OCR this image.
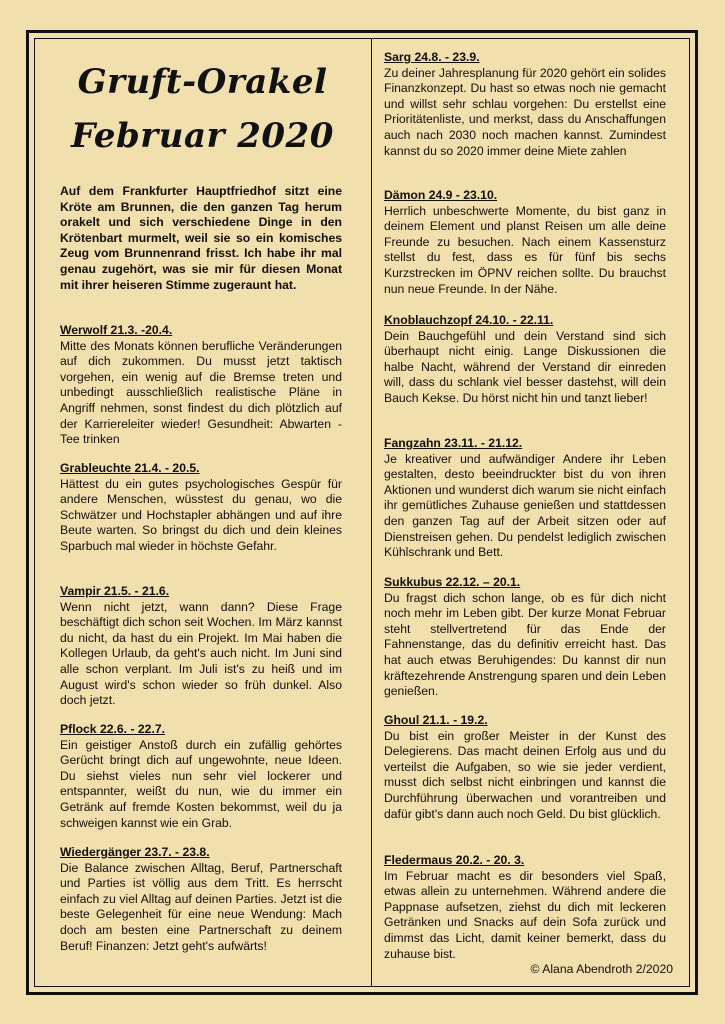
Gruft-Orakel
Februar 2020
Auf dem Frankfurter Hauptfriedhof sitzt eine Kröte am Brunnen, die den ganzen Tag herum orakelt und sich verschiedene Dinge in den Krötenbart murmelt, weil sie so ein komisches Zeug vom Brunnenrand frisst. Ich habe ihr mal genau zugehört, was sie mir für diesen Monat mit ihrer heiseren Stimme zugeraunt hat.

Werwolf 21.3. -20.4.

Mitte des Monats können berufliche Veränderungen auf dich zukommen. Du musst jetzt taktisch vorgehen, ein wenig auf die Bremse treten und unbedingt ausschließlich realistische Pläne in Angriff nehmen, sonst findest du dich plötzlich auf der Karriereleiter wieder! Gesundheit: Abwarten - Tee trinken

Grableuchte 21.4. - 20.5.

Hättest du ein gutes psychologisches Gespür für andere Menschen, wüsstest du genau, wo die Schwätzer und Hochstapler abhängen und auf ihre Beute warten. So bringst du dich und dein kleines Sparbuch mal wieder in höchste Gefahr.

Vampir 21.5. - 21.6.

Wenn nicht jetzt, wann dann? Diese Frage beschäftigt dich schon seit Wochen. Im März kannst du nicht, da hast du ein Projekt. Im Mai haben die Kollegen Urlaub, da geht's auch nicht. Im Juni sind alle schon verplant. Im Juli ist's zu heiß und im August wird's schon wieder so früh dunkel. Also doch jetzt.

Pflock 22.6. - 22.7.

Ein geistiger Anstoß durch ein zufällig gehörtes Gerücht bringt dich auf ungewohnte, neue Ideen. Du siehst vieles nun sehr viel lockerer und entspannter, weißt du nun, wie du immer ein Getränk auf fremde Kosten bekommst, weil du ja schweigen kannst wie ein Grab.

Wiedergänger 23.7. - 23.8.

Die Balance zwischen Alltag, Beruf, Partnerschaft und Parties ist völlig aus dem Tritt. Es herrscht einfach zu viel Alltag auf deinen Parties. Jetzt ist die beste Gelegenheit für eine neue Wendung: Mach doch am besten eine Partnerschaft zu deinem Beruf! Finanzen: Jetzt geht's aufwärts!

Sarg 24.8. - 23.9.

Zu deiner Jahresplanung für 2020 gehört ein solides Finanzkonzept. Du hast so etwas noch nie gemacht und willst sehr schlau vorgehen: Du erstellst eine Prioritätenliste, und merkst, dass du Anschaffungen auch nach 2030 noch machen kannst. Zumindest kannst du so 2020 immer deine Miete zahlen

Dämon 24.9 - 23.10.

Herrlich unbeschwerte Momente, du bist ganz in deinem Element und planst Reisen um alle deine Freunde zu besuchen. Nach einem Kassensturz stellst du fest, dass es für fünf bis sechs Kurzstrecken im ÖPNV reichen sollte. Du brauchst nun neue Freunde. In der Nähe.

Knoblauchzopf 24.10. - 22.11.

Dein Bauchgefühl und dein Verstand sind sich überhaupt nicht einig. Lange Diskussionen die halbe Nacht, während der Verstand dir einreden will, dass du schlank viel besser dastehst, will dein Bauch Kekse. Du hörst nicht hin und tanzt lieber!

Fangzahn 23.11. - 21.12.

Je kreativer und aufwändiger Andere ihr Leben gestalten, desto beeindruckter bist du von ihren Aktionen und wunderst dich warum sie nicht einfach ihr gemütliches Zuhause genießen und stattdessen den ganzen Tag auf der Arbeit sitzen oder auf Dienstreisen gehen. Du pendelst lediglich zwischen Kühlschrank und Bett.

Sukkubus 22.12. – 20.1.

Du fragst dich schon lange, ob es für dich nicht noch mehr im Leben gibt. Der kurze Monat Februar steht stellvertretend für das Ende der Fahnenstange, das du definitiv erreicht hast. Das hat auch etwas Beruhigendes: Du kannst dir nun kräftezehrende Anstrengung sparen und dein Leben genießen.

Ghoul 21.1. - 19.2.

Du bist ein großer Meister in der Kunst des Delegierens. Das macht deinen Erfolg aus und du verteilst die Aufgaben, so wie sie jeder verdient, musst dich selbst nicht einbringen und kannst die Durchführung überwachen und vorantreiben und dafür gibt's dann auch noch Geld. Du bist glücklich.

Fledermaus 20.2. - 20. 3.

Im Februar macht es dir besonders viel Spaß, etwas allein zu unternehmen. Während andere die Pappnase aufsetzen, ziehst du dich mit leckeren Getränken und Snacks auf dein Sofa zurück und dimmst das Licht, damit keiner bemerkt, dass du zuhause bist.

© Alana Abendroth 2/2020
